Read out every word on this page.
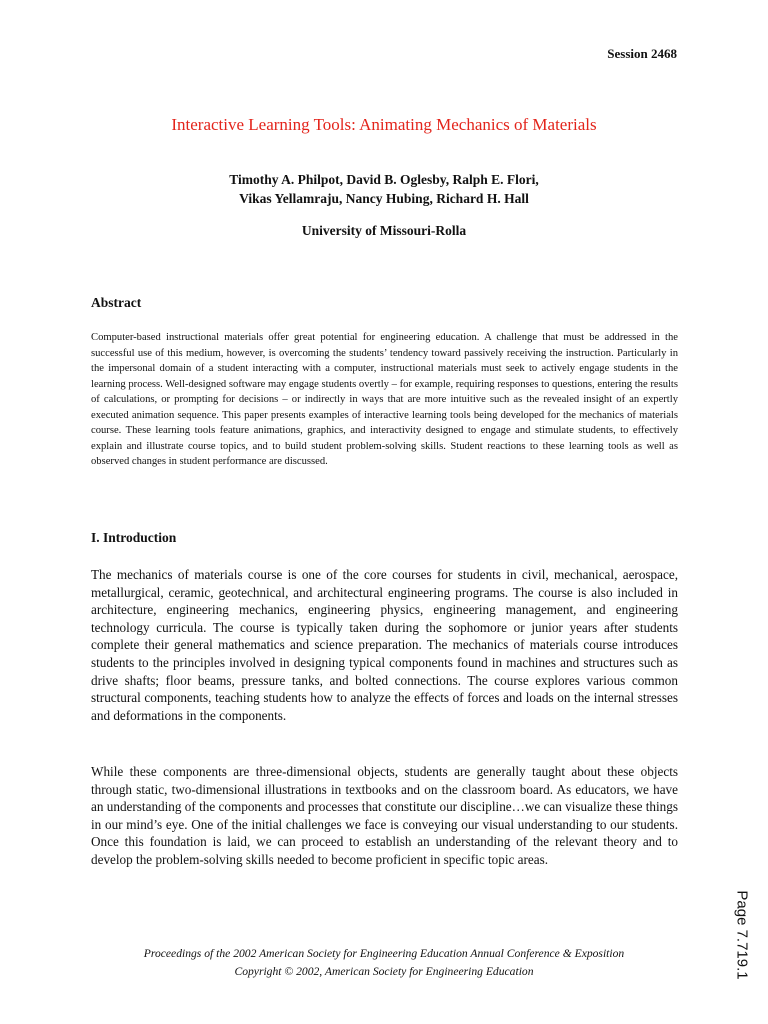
Session 2468
Interactive Learning Tools: Animating Mechanics of Materials
Timothy A. Philpot, David B. Oglesby, Ralph E. Flori,
Vikas Yellamraju, Nancy Hubing, Richard H. Hall
University of Missouri-Rolla
Abstract

Computer-based instructional materials offer great potential for engineering education. A challenge that must be addressed in the successful use of this medium, however, is overcoming the students’ tendency toward passively receiving the instruction. Particularly in the impersonal domain of a student interacting with a computer, instructional materials must seek to actively engage students in the learning process. Well-designed software may engage students overtly – for example, requiring responses to questions, entering the results of calculations, or prompting for decisions – or indirectly in ways that are more intuitive such as the revealed insight of an expertly executed animation sequence. This paper presents examples of interactive learning tools being developed for the mechanics of materials course. These learning tools feature animations, graphics, and interactivity designed to engage and stimulate students, to effectively explain and illustrate course topics, and to build student problem-solving skills. Student reactions to these learning tools as well as observed changes in student performance are discussed.

I. Introduction

The mechanics of materials course is one of the core courses for students in civil, mechanical, aerospace, metallurgical, ceramic, geotechnical, and architectural engineering programs. The course is also included in architecture, engineering mechanics, engineering physics, engineering management, and engineering technology curricula. The course is typically taken during the sophomore or junior years after students complete their general mathematics and science preparation. The mechanics of materials course introduces students to the principles involved in designing typical components found in machines and structures such as drive shafts; floor beams, pressure tanks, and bolted connections. The course explores various common structural components, teaching students how to analyze the effects of forces and loads on the internal stresses and deformations in the components.

While these components are three-dimensional objects, students are generally taught about these objects through static, two-dimensional illustrations in textbooks and on the classroom board. As educators, we have an understanding of the components and processes that constitute our discipline…we can visualize these things in our mind’s eye. One of the initial challenges we face is conveying our visual understanding to our students. Once this foundation is laid, we can proceed to establish an understanding of the relevant theory and to develop the problem-solving skills needed to become proficient in specific topic areas.

Proceedings of the 2002 American Society for Engineering Education Annual Conference & Exposition
Copyright © 2002, American Society for Engineering Education	Page 7.719.1
